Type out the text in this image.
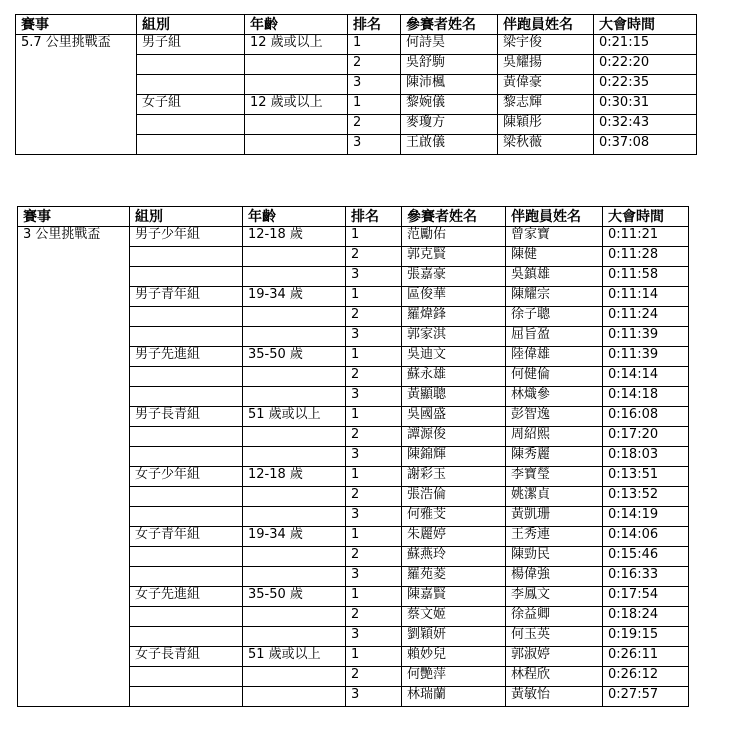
賽事	組別	年齡	排名	參賽者姓名	伴跑員姓名	大會時間
5.7 公里挑戰盃	男子組	12 歲或以上	1	何詩昊	梁宇俊	0:21:15
			2	吳舒駒	吳耀揚	0:22:20
			3	陳沛楓	黃偉豪	0:22:35
	女子組	12 歲或以上	1	黎婉儀	黎志輝	0:30:31
			2	麥瓊方	陳穎彤	0:32:43
			3	王啟儀	梁秋薇	0:37:08
賽事	組別	年齡	排名	參賽者姓名	伴跑員姓名	大會時間
3 公里挑戰盃	男子少年組	12-18 歲	1	范勵佑	曾家寶	0:11:21
			2	郭克賢	陳健	0:11:28
			3	張嘉豪	吳鎮雄	0:11:58
	男子青年組	19-34 歲	1	區俊華	陳耀宗	0:11:14
			2	羅煒鋒	徐子聰	0:11:24
			3	郭家淇	屈旨盈	0:11:39
	男子先進組	35-50 歲	1	吳迪文	陸偉雄	0:11:39
			2	蘇永雄	何健倫	0:14:14
			3	黃顯聰	林熾參	0:14:18
	男子長青組	51 歲或以上	1	吳國盛	彭智逸	0:16:08
			2	譚源俊	周紹熙	0:17:20
			3	陳錦輝	陳秀麗	0:18:03
	女子少年組	12-18 歲	1	謝彩玉	李寶瑩	0:13:51
			2	張浩倫	姚潔貞	0:13:52
			3	何雅芠	黃凱珊	0:14:19
	女子青年組	19-34 歲	1	朱麗婷	王秀連	0:14:06
			2	蘇燕玲	陳勁民	0:15:46
			3	羅苑菱	楊偉強	0:16:33
	女子先進組	35-50 歲	1	陳嘉賢	李鳳文	0:17:54
			2	蔡文姬	徐益卿	0:18:24
			3	劉穎妍	何玉英	0:19:15
	女子長青組	51 歲或以上	1	賴妙兒	郭淑婷	0:26:11
			2	何艷萍	林程欣	0:26:12
			3	林瑞蘭	黃敏怡	0:27:57
